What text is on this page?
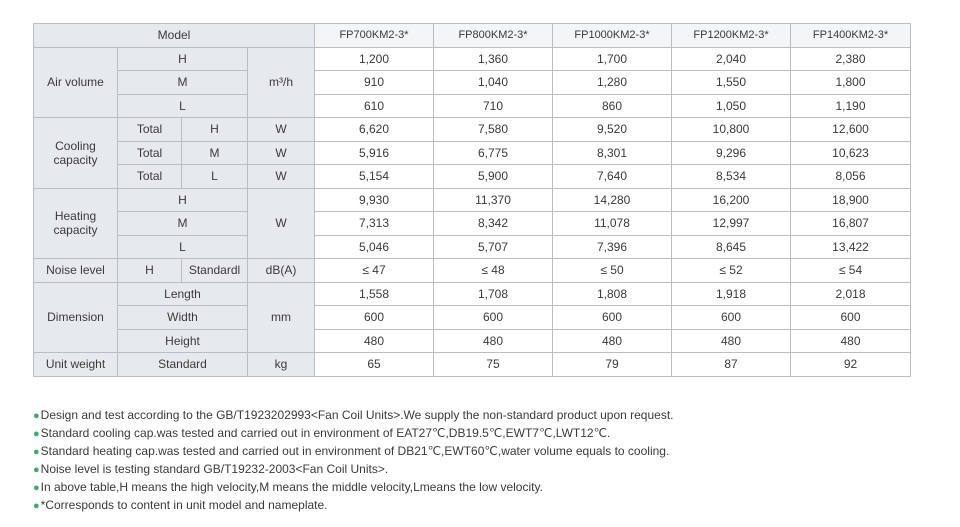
Model				FP700KM2-3*	FP800KM2-3*	FP1000KM2-3*	FP1200KM2-3*	FP1400KM2-3*
Air volume	H		m³/h	1,200	1,360	1,700	2,040	2,380
	M			910	1,040	1,280	1,550	1,800
	L			610	710	860	1,050	1,190
Cooling
capacity	Total	H	W	6,620	7,580	9,520	10,800	12,600
	Total	M	W	5,916	6,775	8,301	9,296	10,623
	Total	L	W	5,154	5,900	7,640	8,534	8,056
Heating
capacity	H		W	9,930	11,370	14,280	16,200	18,900
	M			7,313	8,342	11,078	12,997	16,807
	L			5,046	5,707	7,396	8,645	13,422
Noise level	H	Standardl	dB(A)	≤ 47	≤ 48	≤ 50	≤ 52	≤ 54
Dimension	Length		mm	1,558	1,708	1,808	1,918	2,018
	Width			600	600	600	600	600
	Height			480	480	480	480	480
Unit weight	Standard		kg	65	75	79	87	92
●Design and test according to the GB/T1923202993<Fan Coil Units>.We supply the non-standard product upon request.
●Standard cooling cap.was tested and carried out in environment of EAT27℃,DB19.5℃,EWT7℃,LWT12℃.
●Standard heating cap.was tested and carried out in environment of DB21℃,EWT60℃,water volume equals to cooling.
●Noise level is testing standard GB/T19232-2003<Fan Coil Units>.
●In above table,H means the high velocity,M means the middle velocity,Lmeans the low velocity.
●*Corresponds to content in unit model and nameplate.
